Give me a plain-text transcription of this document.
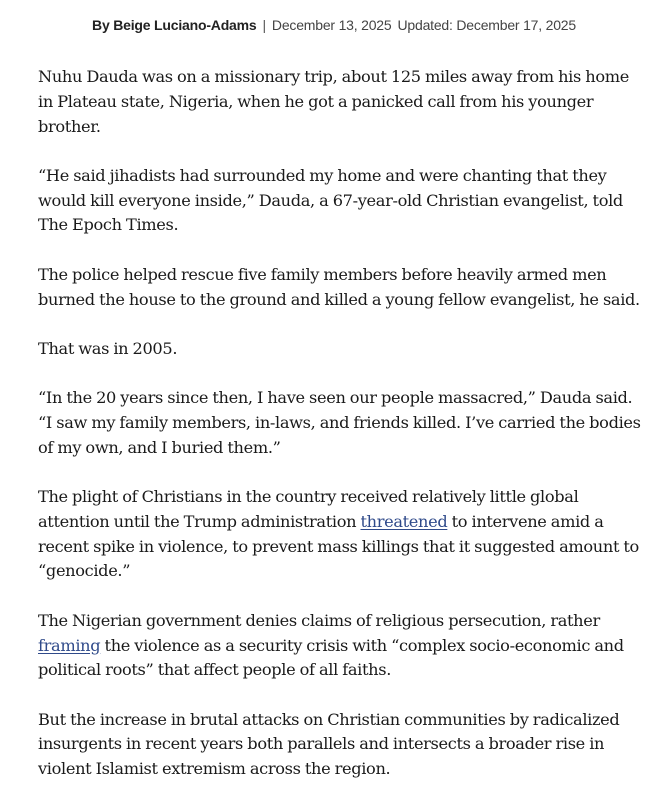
By Beige Luciano-Adams | December 13, 2025 Updated: December 17, 2025

Nuhu Dauda was on a missionary trip, about 125 miles away from his home in Plateau state, Nigeria, when he got a panicked call from his younger brother.

“He said jihadists had surrounded my home and were chanting that they would kill everyone inside,” Dauda, a 67-year-old Christian evangelist, told The Epoch Times.

The police helped rescue five family members before heavily armed men burned the house to the ground and killed a young fellow evangelist, he said.

That was in 2005.

“In the 20 years since then, I have seen our people massacred,” Dauda said. “I saw my family members, in-laws, and friends killed. I’ve carried the bodies of my own, and I buried them.”

The plight of Christians in the country received relatively little global attention until the Trump administration threatened to intervene amid a recent spike in violence, to prevent mass killings that it suggested amount to “genocide.”

The Nigerian government denies claims of religious persecution, rather framing the violence as a security crisis with “complex socio-economic and political roots” that affect people of all faiths.

But the increase in brutal attacks on Christian communities by radicalized insurgents in recent years both parallels and intersects a broader rise in violent Islamist extremism across the region.
